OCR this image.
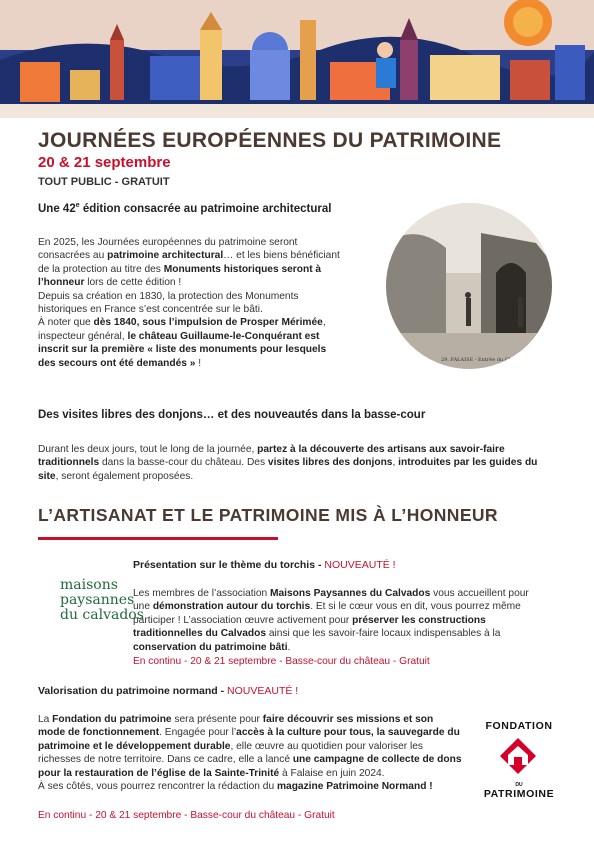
JOURNÉES EUROPÉENNES DU PATRIMOINE
20 & 21 septembre
TOUT PUBLIC - GRATUIT
Une 42e édition consacrée au patrimoine architectural
En 2025, les Journées européennes du patrimoine seront consacrées au patrimoine architectural… et les biens bénéficiant de la protection au titre des Monuments historiques seront à l’honneur lors de cette édition !
Depuis sa création en 1830, la protection des Monuments historiques en France s’est concentrée sur le bâti.
À noter que dès 1840, sous l’impulsion de Prosper Mérimée, inspecteur général, le château Guillaume-le-Conquérant est inscrit sur la première « liste des monuments pour lesquels des secours ont été demandés » !	29. FALAISE - Entrée du Château
Des visites libres des donjons… et des nouveautés dans la basse-cour
Durant les deux jours, tout le long de la journée, partez à la découverte des artisans aux savoir-faire traditionnels dans la basse-cour du château. Des visites libres des donjons, introduites par les guides du site, seront également proposées.
L’ARTISANAT ET LE PATRIMOINE MIS À L’HONNEUR
Présentation sur le thème du torchis - NOUVEAUTÉ !
maisons
paysannes
du calvados
Les membres de l’association Maisons Paysannes du Calvados vous accueillent pour une démonstration autour du torchis. Et si le cœur vous en dit, vous pourrez même participer ! L’association œuvre activement pour préserver les constructions traditionnelles du Calvados ainsi que les savoir-faire locaux indispensables à la conservation du patrimoine bâti.
En continu - 20 & 21 septembre - Basse-cour du château - Gratuit
Valorisation du patrimoine normand - NOUVEAUTÉ !
La Fondation du patrimoine sera présente pour faire découvrir ses missions et son mode de fonctionnement. Engagée pour l’accès à la culture pour tous, la sauvegarde du patrimoine et le développement durable, elle œuvre au quotidien pour valoriser les richesses de notre territoire. Dans ce cadre, elle a lancé une campagne de collecte de dons pour la restauration de l’église de la Sainte-Trinité à Falaise en juin 2024.
À ses côtés, vous pourrez rencontrer la rédaction du magazine Patrimoine Normand !
En continu - 20 & 21 septembre - Basse-cour du château - Gratuit
FONDATION
DU
PATRIMOINE
